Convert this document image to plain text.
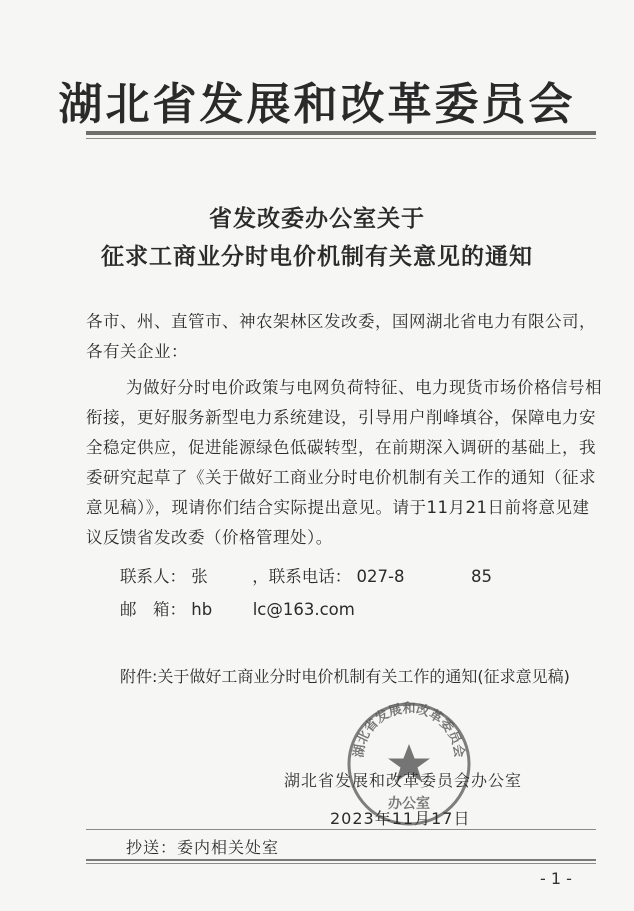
湖北省发展和改革委员会
省发改委办公室关于
征求工商业分时电价机制有关意见的通知
各市、州、直管市、神农架林区发改委，国网湖北省电力有限公司，各有关企业：
为做好分时电价政策与电网负荷特征、电力现货市场价格信号相衔接，更好服务新型电力系统建设，引导用户削峰填谷，保障电力安全稳定供应，促进能源绿色低碳转型，在前期深入调研的基础上，我委研究起草了《关于做好工商业分时电价机制有关工作的通知（征求意见稿）》，现请你们结合实际提出意见。请于11月21日前将意见建议反馈省发改委（价格管理处）。
联系人： 张	，联系电话： 027-8	85
邮　箱： hb lc@163.com
附件:关于做好工商业分时电价机制有关工作的通知(征求意见稿)
湖北省发展和改革委员会
办公室
湖北省发展和改革委员会办公室
2023年11月17日
抄送：委内相关处室
- 1 -
